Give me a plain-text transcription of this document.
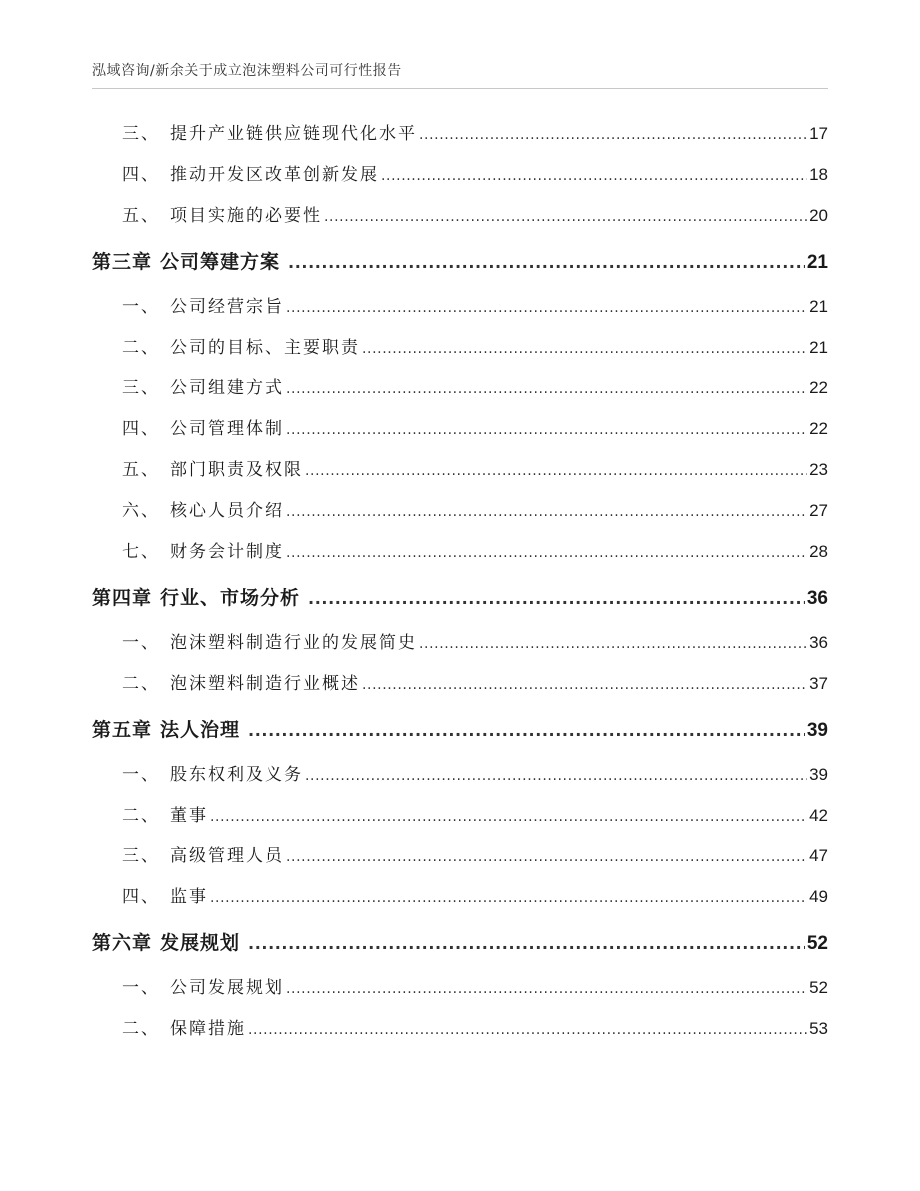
泓域咨询/新余关于成立泡沫塑料公司可行性报告
三、 提升产业链供应链现代化水平 .....	17
四、 推动开发区改革创新发展 .....	18
五、 项目实施的必要性 .....	20
第三章 公司筹建方案 .....	21
一、 公司经营宗旨 .....	21
二、 公司的目标、主要职责 .....	21
三、 公司组建方式 .....	22
四、 公司管理体制 .....	22
五、 部门职责及权限 .....	23
六、 核心人员介绍 .....	27
七、 财务会计制度 .....	28
第四章 行业、市场分析 .....	36
一、 泡沫塑料制造行业的发展简史 .....	36
二、 泡沫塑料制造行业概述 .....	37
第五章 法人治理 .....	39
一、 股东权利及义务 .....	39
二、 董事 .....	42
三、 高级管理人员 .....	47
四、 监事 .....	49
第六章 发展规划 .....	52
一、 公司发展规划 .....	52
二、 保障措施 .....	53
